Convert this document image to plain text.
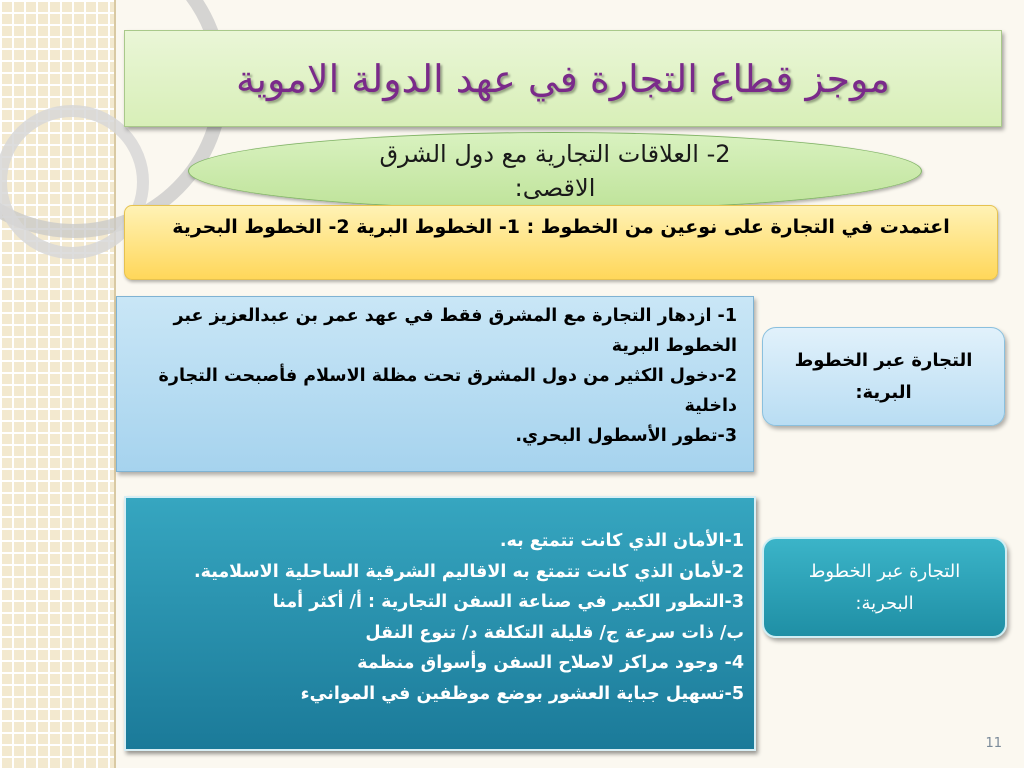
موجز قطاع التجارة في عهد الدولة الاموية
2- العلاقات التجارية مع دول الشرق الاقصى:
اعتمدت في التجارة على نوعين من الخطوط : 1- الخطوط البرية 2- الخطوط البحرية
1- ازدهار التجارة مع المشرق فقط في عهد عمر بن عبدالعزيز عبر الخطوط البرية
2-دخول الكثير من دول المشرق تحت مظلة الاسلام فأصبحت التجارة داخلية
3-تطور الأسطول البحري.
التجارة عبر الخطوط البرية:
1-الأمان الذي كانت تتمتع به.
2-لأمان الذي كانت تتمتع به الاقاليم الشرقية الساحلية الاسلامية.
3-التطور الكبير في صناعة السفن التجارية : أ/ أكثر أمنا
ب/ ذات سرعة ج/ قليلة التكلفة د/ تنوع النقل
4- وجود مراكز لاصلاح السفن وأسواق منظمة
5-تسهيل جباية العشور بوضع موظفين في الموانيء
التجارة عبر الخطوط البحرية:
11
